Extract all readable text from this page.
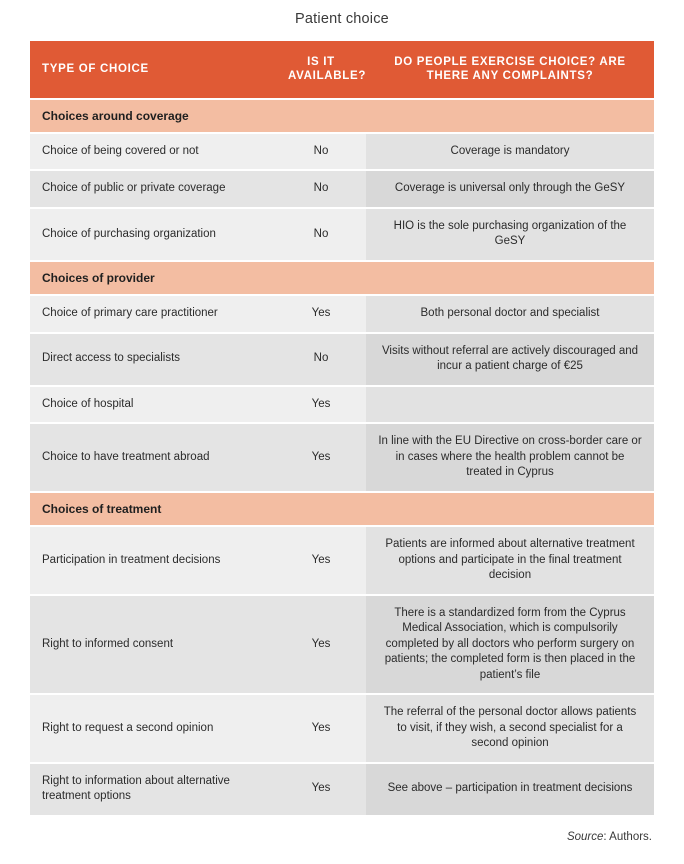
Patient choice
TYPE OF CHOICE	IS IT AVAILABLE?	DO PEOPLE EXERCISE CHOICE? ARE THERE ANY COMPLAINTS?
Choices around coverage		
Choice of being covered or not	No	Coverage is mandatory
Choice of public or private coverage	No	Coverage is universal only through the GeSY
Choice of purchasing organization	No	HIO is the sole purchasing organization of the GeSY
Choices of provider		
Choice of primary care practitioner	Yes	Both personal doctor and specialist
Direct access to specialists	No	Visits without referral are actively discouraged and incur a patient charge of €25
Choice of hospital	Yes	
Choice to have treatment abroad	Yes	In line with the EU Directive on cross-border care or in cases where the health problem cannot be treated in Cyprus
Choices of treatment		
Participation in treatment decisions	Yes	Patients are informed about alternative treatment options and participate in the final treatment decision
Right to informed consent	Yes	There is a standardized form from the Cyprus Medical Association, which is compulsorily completed by all doctors who perform surgery on patients; the completed form is then placed in the patient’s file
Right to request a second opinion	Yes	The referral of the personal doctor allows patients to visit, if they wish, a second specialist for a second opinion
Right to information about alternative treatment options	Yes	See above – participation in treatment decisions
Source: Authors.
